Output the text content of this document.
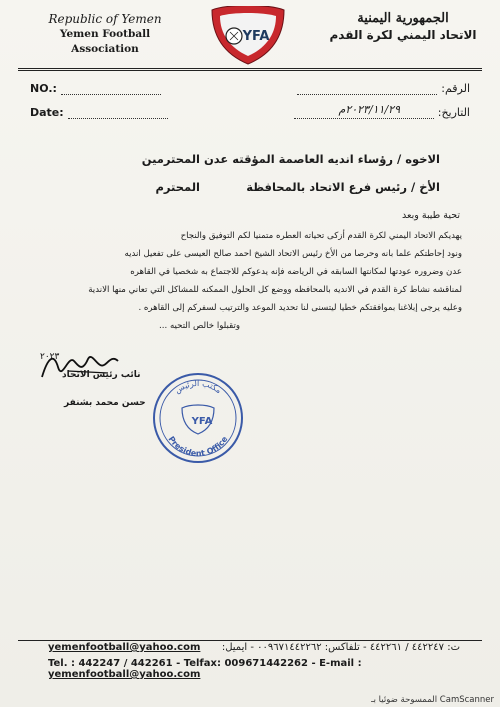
Republic of Yemen
Yemen Football Association
YFA
الجمهورية اليمنية
الاتحاد اليمني لكرة القدم
NO.:
Date:
الرقم:
التاريخ:
٢٠٢٣/١١/٢٩م
الاخوه / رؤساء انديه العاصمة المؤقته عدن
المحترمين
الأخ / رئيس فرع الاتحاد بالمحافظة
المحترم
تحية طيبة وبعد
يهديكم الاتحاد اليمني لكرة القدم أزكى تحياته العطره متمنيا لكم التوفيق والنجاح
ونود إحاطتكم علما بانه وحرصا من الأخ رئيس الاتحاد الشيخ احمد صالح العيسى على تفعيل انديه
عدن وضروره عودتها لمكانتها السابقه في الرياضه فإنه يدعوكم للاجتماع به شخصيا في القاهره
لمناقشه نشاط كرة القدم في الانديه بالمحافظه ووضع كل الحلول الممكنه للمشاكل التي تعاني منها الاندية
وعليه يرجى إبلاغنا بموافقتكم خطيا ليتسنى لنا تحديد الموعد والترتيب لسفركم إلى القاهره .
وتقبلوا خالص التحيه ...
٢٠٢٣
نائب رئيس الاتحاد
حسن محمد بشنفر
مكتب الرئيس
President Office
YFA
yemenfootball@yahoo.com	ت: ٤٤٢٢٤٧ / ٤٤٢٢٦١ - تلفاكس: ٠٠٩٦٧١٤٤٢٢٦٢ - ايميل:
Tel. : 442247 / 442261 - Telfax: 009671442262 - E-mail : yemenfootball@yahoo.com
الممسوحة ضوئيا بـ CamScanner
